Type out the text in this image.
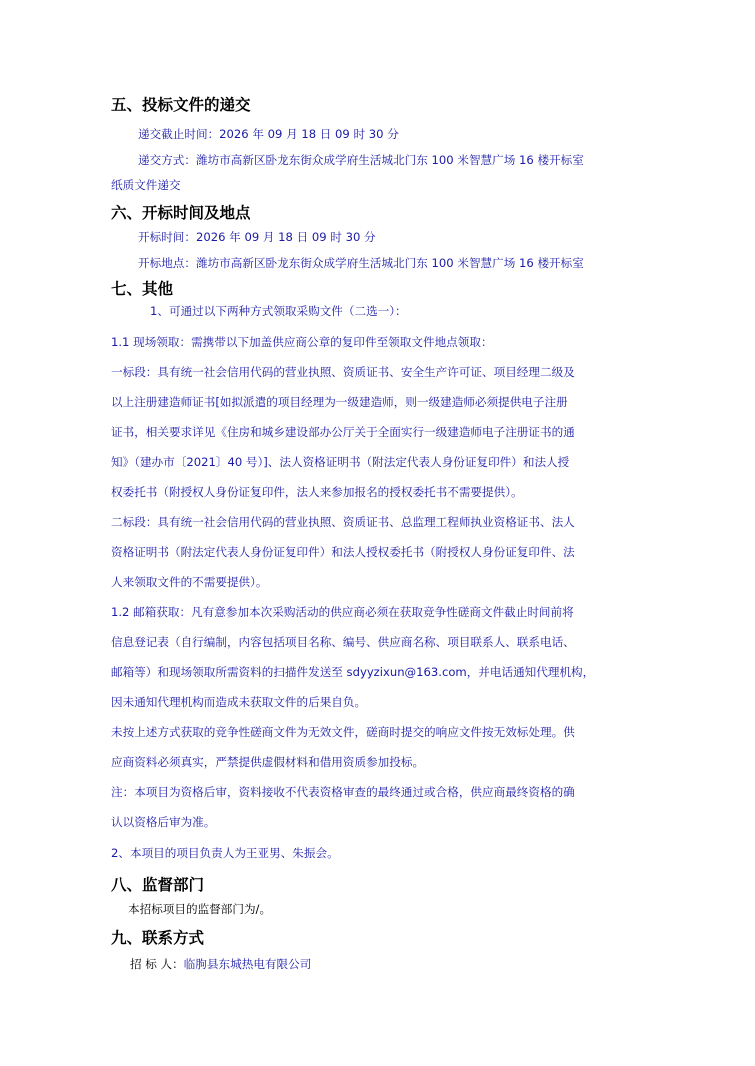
五、投标文件的递交
递交截止时间：2026 年 09 月 18 日 09 时 30 分
递交方式：潍坊市高新区卧龙东街众成学府生活城北门东 100 米智慧广场 16 楼开标室
纸质文件递交
六、开标时间及地点
开标时间：2026 年 09 月 18 日 09 时 30 分
开标地点：潍坊市高新区卧龙东街众成学府生活城北门东 100 米智慧广场 16 楼开标室
七、其他
1、可通过以下两种方式领取采购文件（二选一）：
1.1 现场领取：需携带以下加盖供应商公章的复印件至领取文件地点领取：
一标段：具有统一社会信用代码的营业执照、资质证书、安全生产许可证、项目经理二级及
以上注册建造师证书[如拟派遣的项目经理为一级建造师，则一级建造师必须提供电子注册
证书，相关要求详见《住房和城乡建设部办公厅关于全面实行一级建造师电子注册证书的通
知》（建办市〔2021〕40 号）]、法人资格证明书（附法定代表人身份证复印件）和法人授
权委托书（附授权人身份证复印件，法人来参加报名的授权委托书不需要提供）。
二标段：具有统一社会信用代码的营业执照、资质证书、总监理工程师执业资格证书、法人
资格证明书（附法定代表人身份证复印件）和法人授权委托书（附授权人身份证复印件、法
人来领取文件的不需要提供）。
1.2 邮箱获取：凡有意参加本次采购活动的供应商必须在获取竞争性磋商文件截止时间前将
信息登记表（自行编制，内容包括项目名称、编号、供应商名称、项目联系人、联系电话、
邮箱等）和现场领取所需资料的扫描件发送至 sdyyzixun@163.com，并电话通知代理机构，
因未通知代理机构而造成未获取文件的后果自负。
未按上述方式获取的竞争性磋商文件为无效文件，磋商时提交的响应文件按无效标处理。供
应商资料必须真实，严禁提供虚假材料和借用资质参加投标。
注：本项目为资格后审，资料接收不代表资格审查的最终通过或合格，供应商最终资格的确
认以资格后审为准。
2、本项目的项目负责人为王亚男、朱振会。
八、监督部门
本招标项目的监督部门为/。
九、联系方式
招 标 人：临朐县东城热电有限公司
